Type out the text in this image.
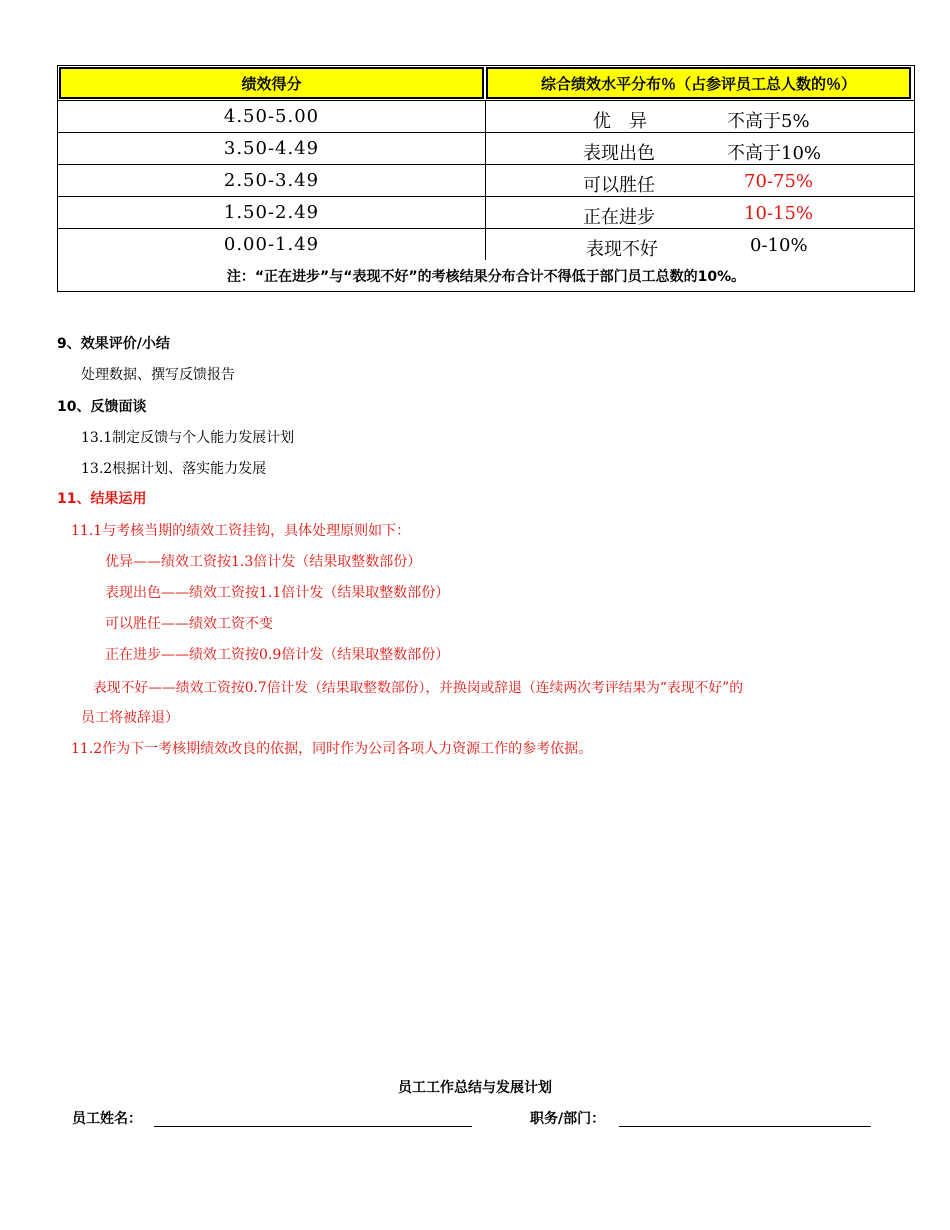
绩效得分	综合绩效水平分布％（占参评员工总人数的％）
4.50-5.00	优　异	不高于5%
3.50-4.49	表现出色	不高于10%
2.50-3.49	可以胜任	70-75%
1.50-2.49	正在进步	10-15%
0.00-1.49	表现不好	0-10%
注：“正在进步”与“表现不好”的考核结果分布合计不得低于部门员工总数的10%。
9、效果评价/小结
处理数据、撰写反馈报告
10、反馈面谈
13.1制定反馈与个人能力发展计划
13.2根据计划、落实能力发展
11、结果运用
11.1与考核当期的绩效工资挂钩，具体处理原则如下：
优异——绩效工资按1.3倍计发（结果取整数部份）
表现出色——绩效工资按1.1倍计发（结果取整数部份）
可以胜任——绩效工资不变
正在进步——绩效工资按0.9倍计发（结果取整数部份）
表现不好——绩效工资按0.7倍计发（结果取整数部份），并换岗或辞退（连续两次考评结果为“表现不好”的
员工将被辞退）
11.2作为下一考核期绩效改良的依据，同时作为公司各项人力资源工作的参考依据。
员工工作总结与发展计划
员工姓名：	职务/部门：
